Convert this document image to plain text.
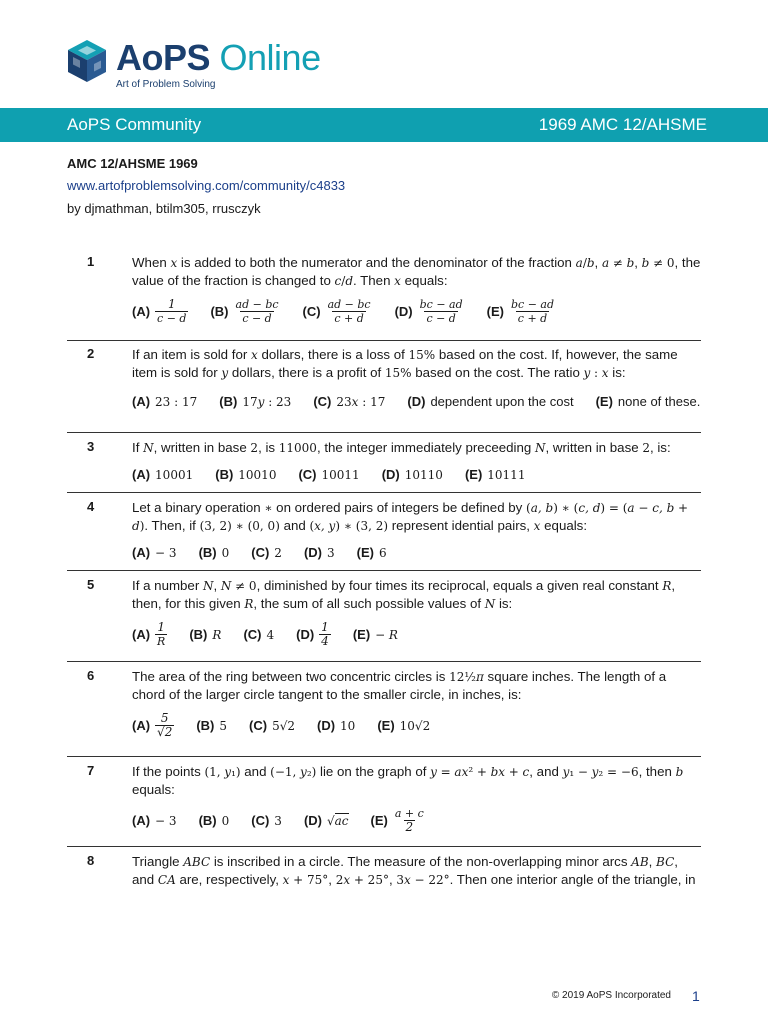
AoPS Online
Art of Problem Solving
AoPS Community	1969 AMC 12/AHSME
AMC 12/AHSME 1969
www.artofproblemsolving.com/community/c4833
by djmathman, btilm305, rrusczyk
1	When x is added to both the numerator and the denominator of the fraction a/b, a ≠ b, b ≠ 0, the value of the fraction is changed to c/d. Then x equals:
$(A) \frac{1}{c - d} (B) \frac{ad - bc}{c - d} (C) \frac{ad - bc}{c + d} (D) \frac{bc - ad}{c - d} (E) \frac{bc - ad}{c + d}$
2	If an item is sold for x dollars, there is a loss of 15% based on the cost. If, however, the same item is sold for y dollars, there is a profit of 15% based on the cost. The ratio y : x is:
(A) 23 : 17 (B) 17 y : 23 (C) 23 x : 17 (D) dependent upon the cost (E) none of these.
3	If N, written in base 2, is 11000, the integer immediately preceeding N, written in base 2, is:
(A) 10001 (B) 10010 (C) 10011 (D) 10110 (E) 10111
4	Let a binary operation ∗ on ordered pairs of integers be defined by (a, b) ∗ (c, d) = (a − c, b + d). Then, if (3, 2) ∗ (0, 0) and (x, y) ∗ (3, 2) represent idential pairs, x equals:
(A) − 3 (B) 0 (C) 2 (D) 3 (E) 6
5	If a number N, N ≠ 0, diminished by four times its reciprocal, equals a given real constant R, then, for this given R, the sum of all such possible values of N is:
$(A) \frac{1}{R} (B)$ R (C) 4 $(D) \frac{1}{4} (E)$ −
R
6	The area of the ring between two concentric circles is 12½π square inches. The length of a chord of the larger circle tangent to the smaller circle, in inches, is:
$(A) \frac{5}{√2} (B)$ 5 (C) 5√2 (D) 10 (E) 10√2
7	If the points (1, y₁) and (−1, y₂) lie on the graph of y = ax² + bx + c, and y₁ − y₂ = −6, then b equals:
(A) − 3 (B) 0 (C) 3 (D) √ ac $(E) \frac{a + c}{2}$
8	Triangle ABC is inscribed in a circle. The measure of the non-overlapping minor arcs AB, BC, and CA are, respectively, x + 75°, 2x + 25°, 3x − 22°. Then one interior angle of the triangle, in
© 2019 AoPS Incorporated 1
